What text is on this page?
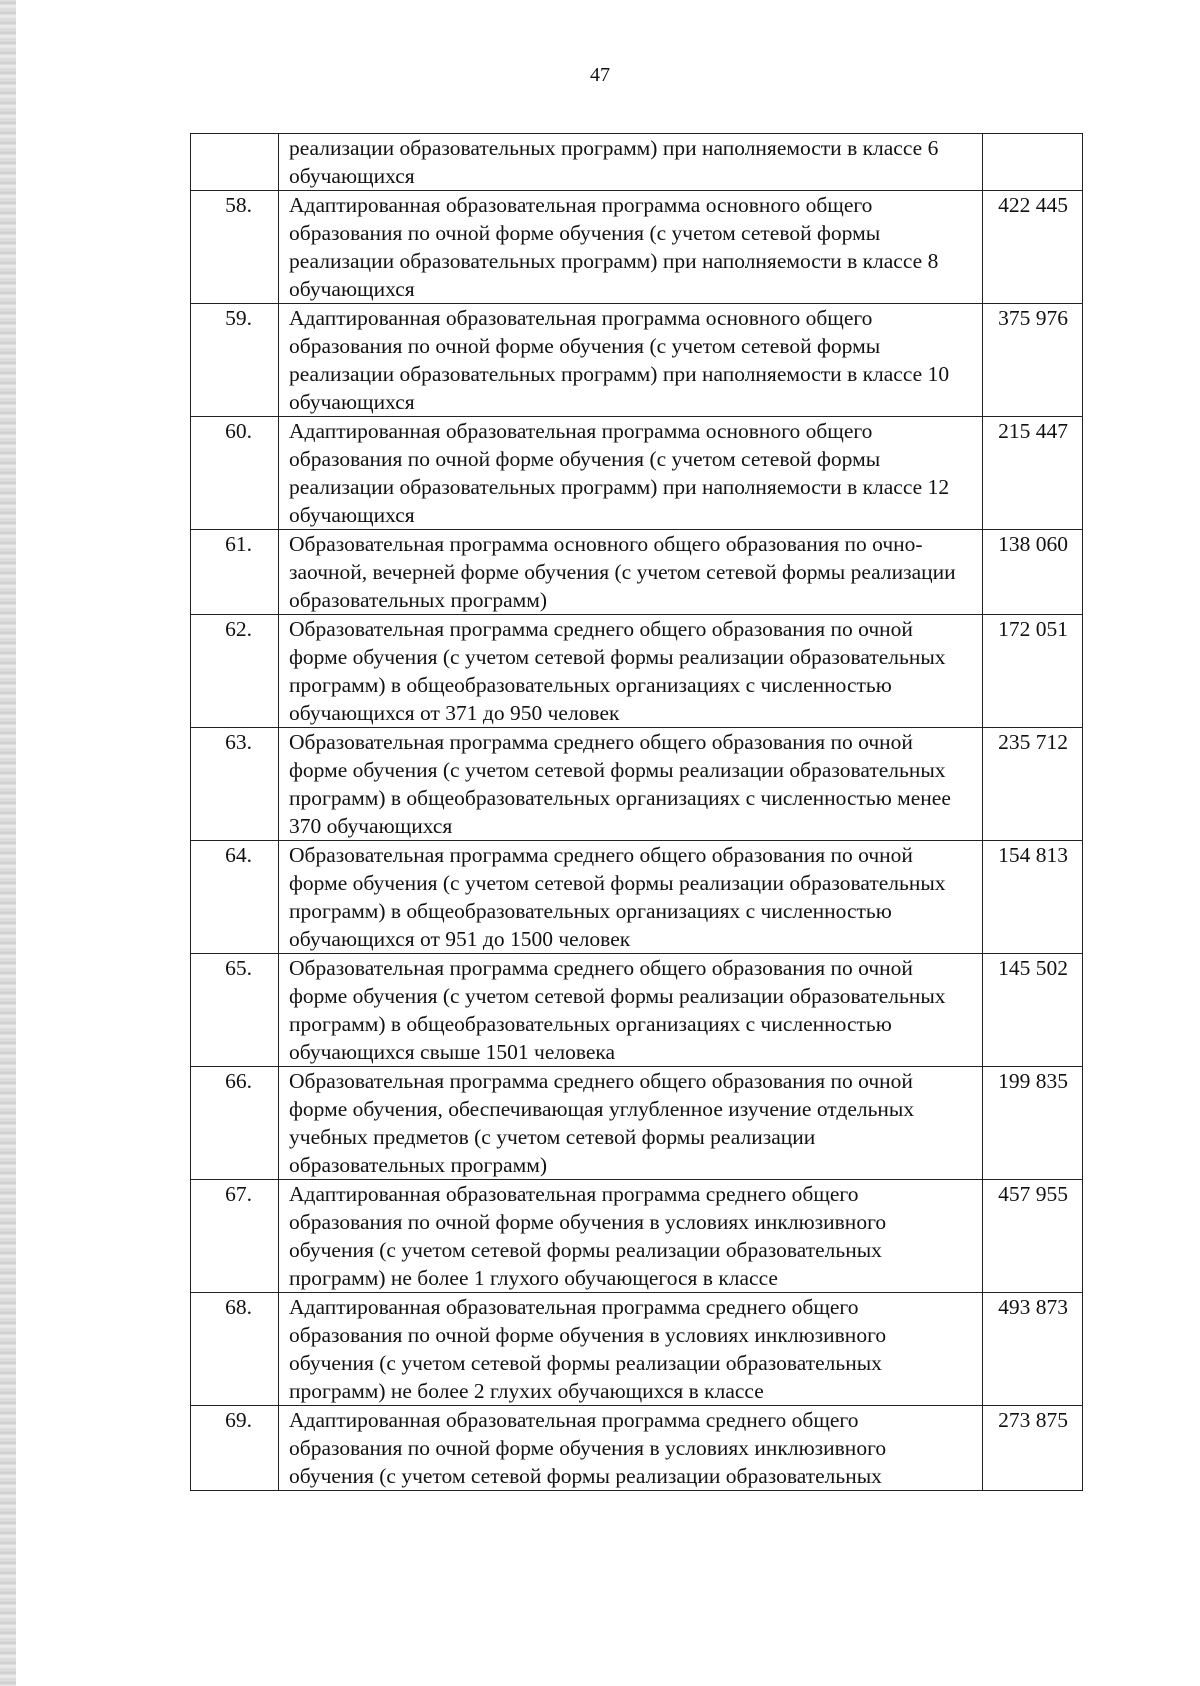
47

	реализации образовательных программ) при наполняемости в классе 6 обучающихся	

58.	Адаптированная образовательная программа основного общего образования по очной форме обучения (с учетом сетевой формы реализации образовательных программ) при наполняемости в классе 8 обучающихся	422 445

59.	Адаптированная образовательная программа основного общего образования по очной форме обучения (с учетом сетевой формы реализации образовательных программ) при наполняемости в классе 10 обучающихся	375 976

60.	Адаптированная образовательная программа основного общего образования по очной форме обучения (с учетом сетевой формы реализации образовательных программ) при наполняемости в классе 12 обучающихся	215 447

61.	Образовательная программа основного общего образования по очно-заочной, вечерней форме обучения (с учетом сетевой формы реализации образовательных программ)	138 060

62.	Образовательная программа среднего общего образования по очной форме обучения (с учетом сетевой формы реализации образовательных программ) в общеобразовательных организациях с численностью обучающихся от 371 до 950 человек	172 051

63.	Образовательная программа среднего общего образования по очной форме обучения (с учетом сетевой формы реализации образовательных программ) в общеобразовательных организациях с численностью менее 370 обучающихся	235 712

64.	Образовательная программа среднего общего образования по очной форме обучения (с учетом сетевой формы реализации образовательных программ) в общеобразовательных организациях с численностью обучающихся от 951 до 1500 человек	154 813

65.	Образовательная программа среднего общего образования по очной форме обучения (с учетом сетевой формы реализации образовательных программ) в общеобразовательных организациях с численностью обучающихся свыше 1501 человека	145 502

66.	Образовательная программа среднего общего образования по очной форме обучения, обеспечивающая углубленное изучение отдельных учебных предметов (с учетом сетевой формы реализации образовательных программ)	199 835

67.	Адаптированная образовательная программа среднего общего образования по очной форме обучения в условиях инклюзивного обучения (с учетом сетевой формы реализации образовательных программ) не более 1 глухого обучающегося в классе	457 955

68.	Адаптированная образовательная программа среднего общего образования по очной форме обучения в условиях инклюзивного обучения (с учетом сетевой формы реализации образовательных программ) не более 2 глухих обучающихся в классе	493 873

69.	Адаптированная образовательная программа среднего общего образования по очной форме обучения в условиях инклюзивного обучения (с учетом сетевой формы реализации образовательных	273 875
